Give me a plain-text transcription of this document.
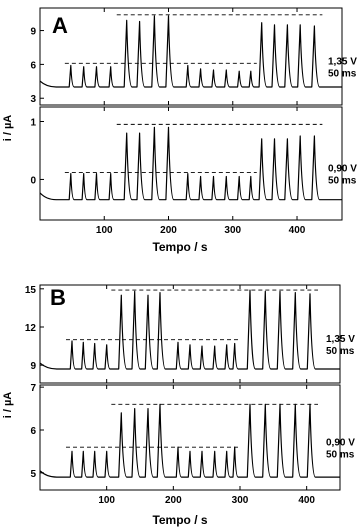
A
i / µA
Tempo / s
3
6
9
1,35 V 50 ms
0
1
100	200	300	400
0,90 V 50 ms
B
i / µA
Tempo / s
9
12
15
1,35 V 50 ms
5
6
7
100	200	300	400
0,90 V 50 ms
